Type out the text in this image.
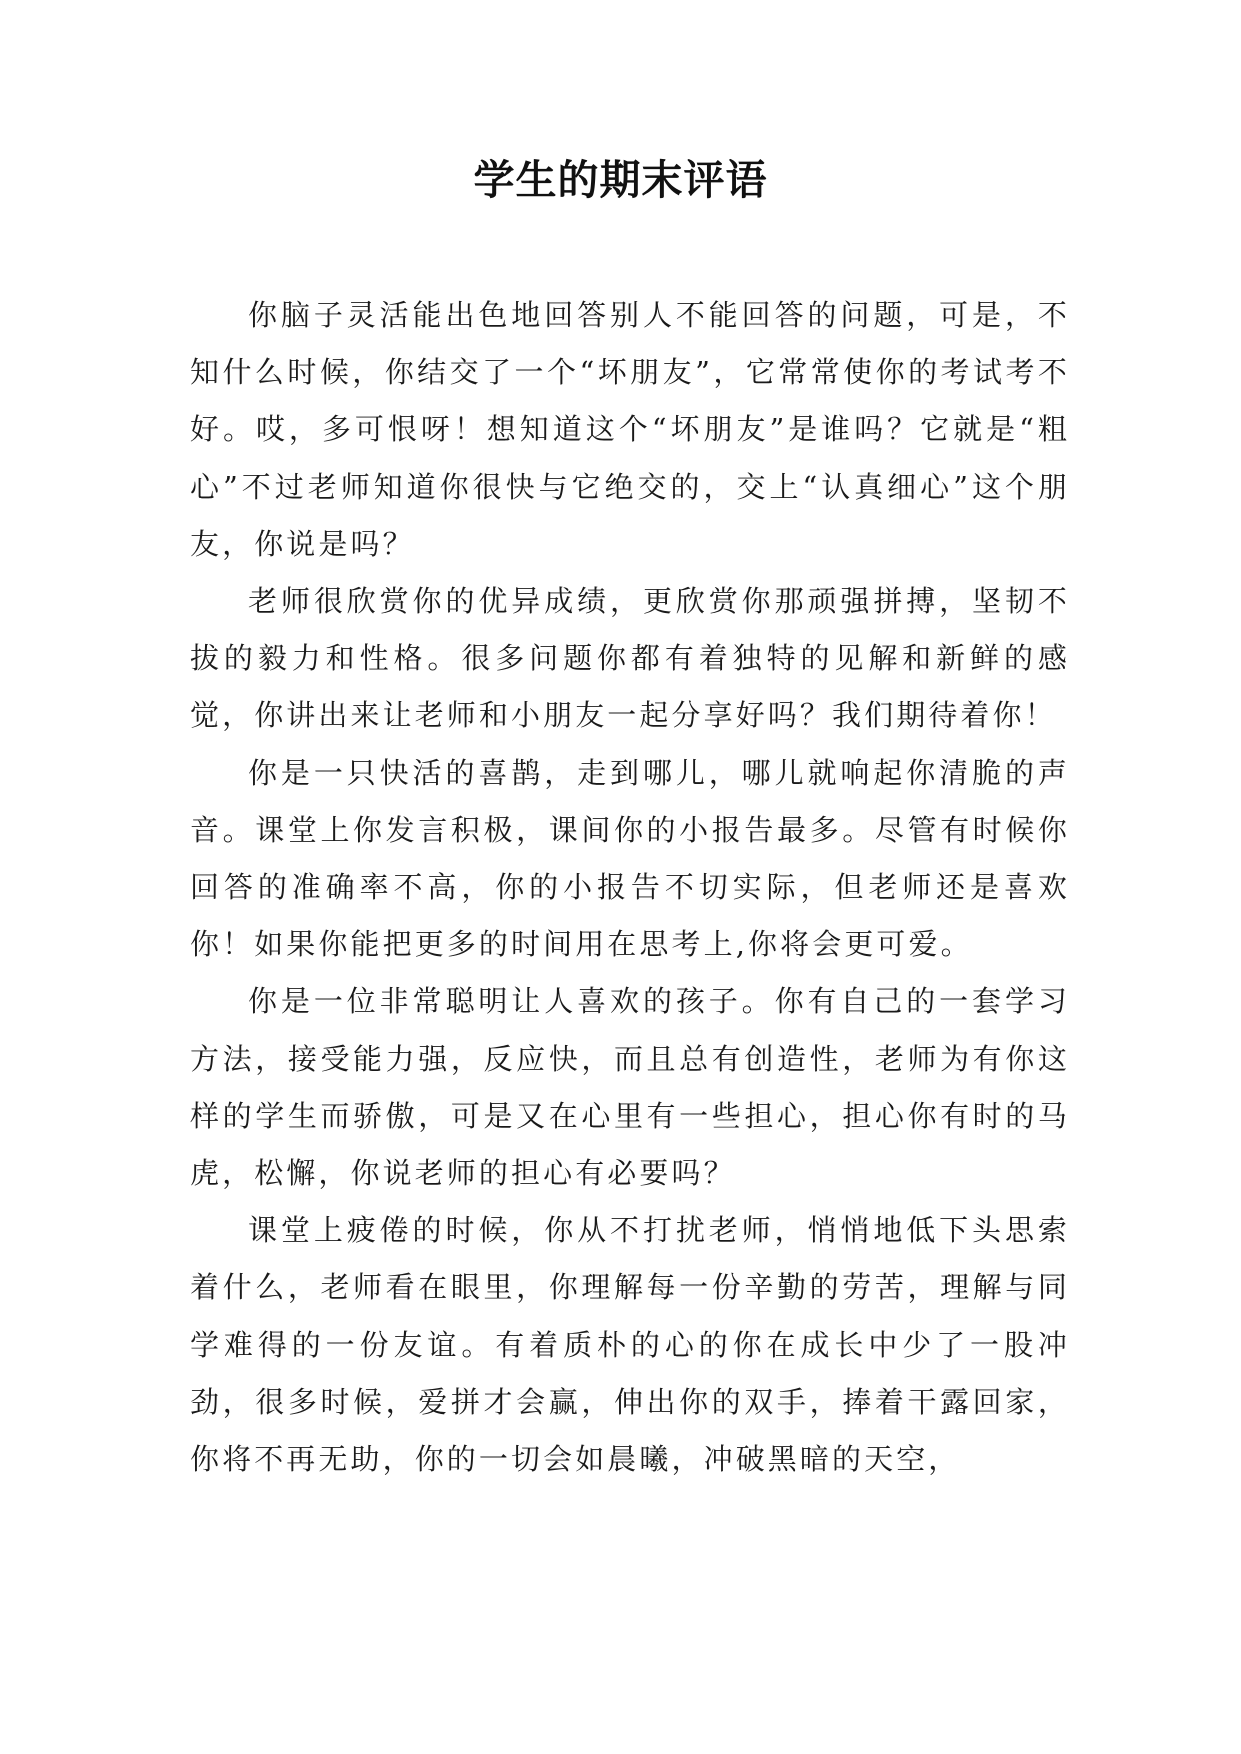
学生的期末评语

你脑子灵活能出色地回答别人不能回答的问题，可是，不知什么时候，你结交了一个“坏朋友”，它常常使你的考试考不好。哎，多可恨呀！想知道这个“坏朋友”是谁吗？它就是“粗心”不过老师知道你很快与它绝交的，交上“认真细心”这个朋友，你说是吗？

老师很欣赏你的优异成绩，更欣赏你那顽强拼搏，坚韧不拔的毅力和性格。很多问题你都有着独特的见解和新鲜的感觉，你讲出来让老师和小朋友一起分享好吗？我们期待着你！

你是一只快活的喜鹊，走到哪儿，哪儿就响起你清脆的声音。课堂上你发言积极，课间你的小报告最多。尽管有时候你回答的准确率不高，你的小报告不切实际，但老师还是喜欢你！如果你能把更多的时间用在思考上,你将会更可爱。

你是一位非常聪明让人喜欢的孩子。你有自己的一套学习方法，接受能力强，反应快，而且总有创造性，老师为有你这样的学生而骄傲，可是又在心里有一些担心，担心你有时的马虎，松懈，你说老师的担心有必要吗？

课堂上疲倦的时候，你从不打扰老师，悄悄地低下头思索着什么，老师看在眼里，你理解每一份辛勤的劳苦，理解与同学难得的一份友谊。有着质朴的心的你在成长中少了一股冲劲，很多时候，爱拼才会赢，伸出你的双手，捧着干露回家，你将不再无助，你的一切会如晨曦，冲破黑暗的天空，
